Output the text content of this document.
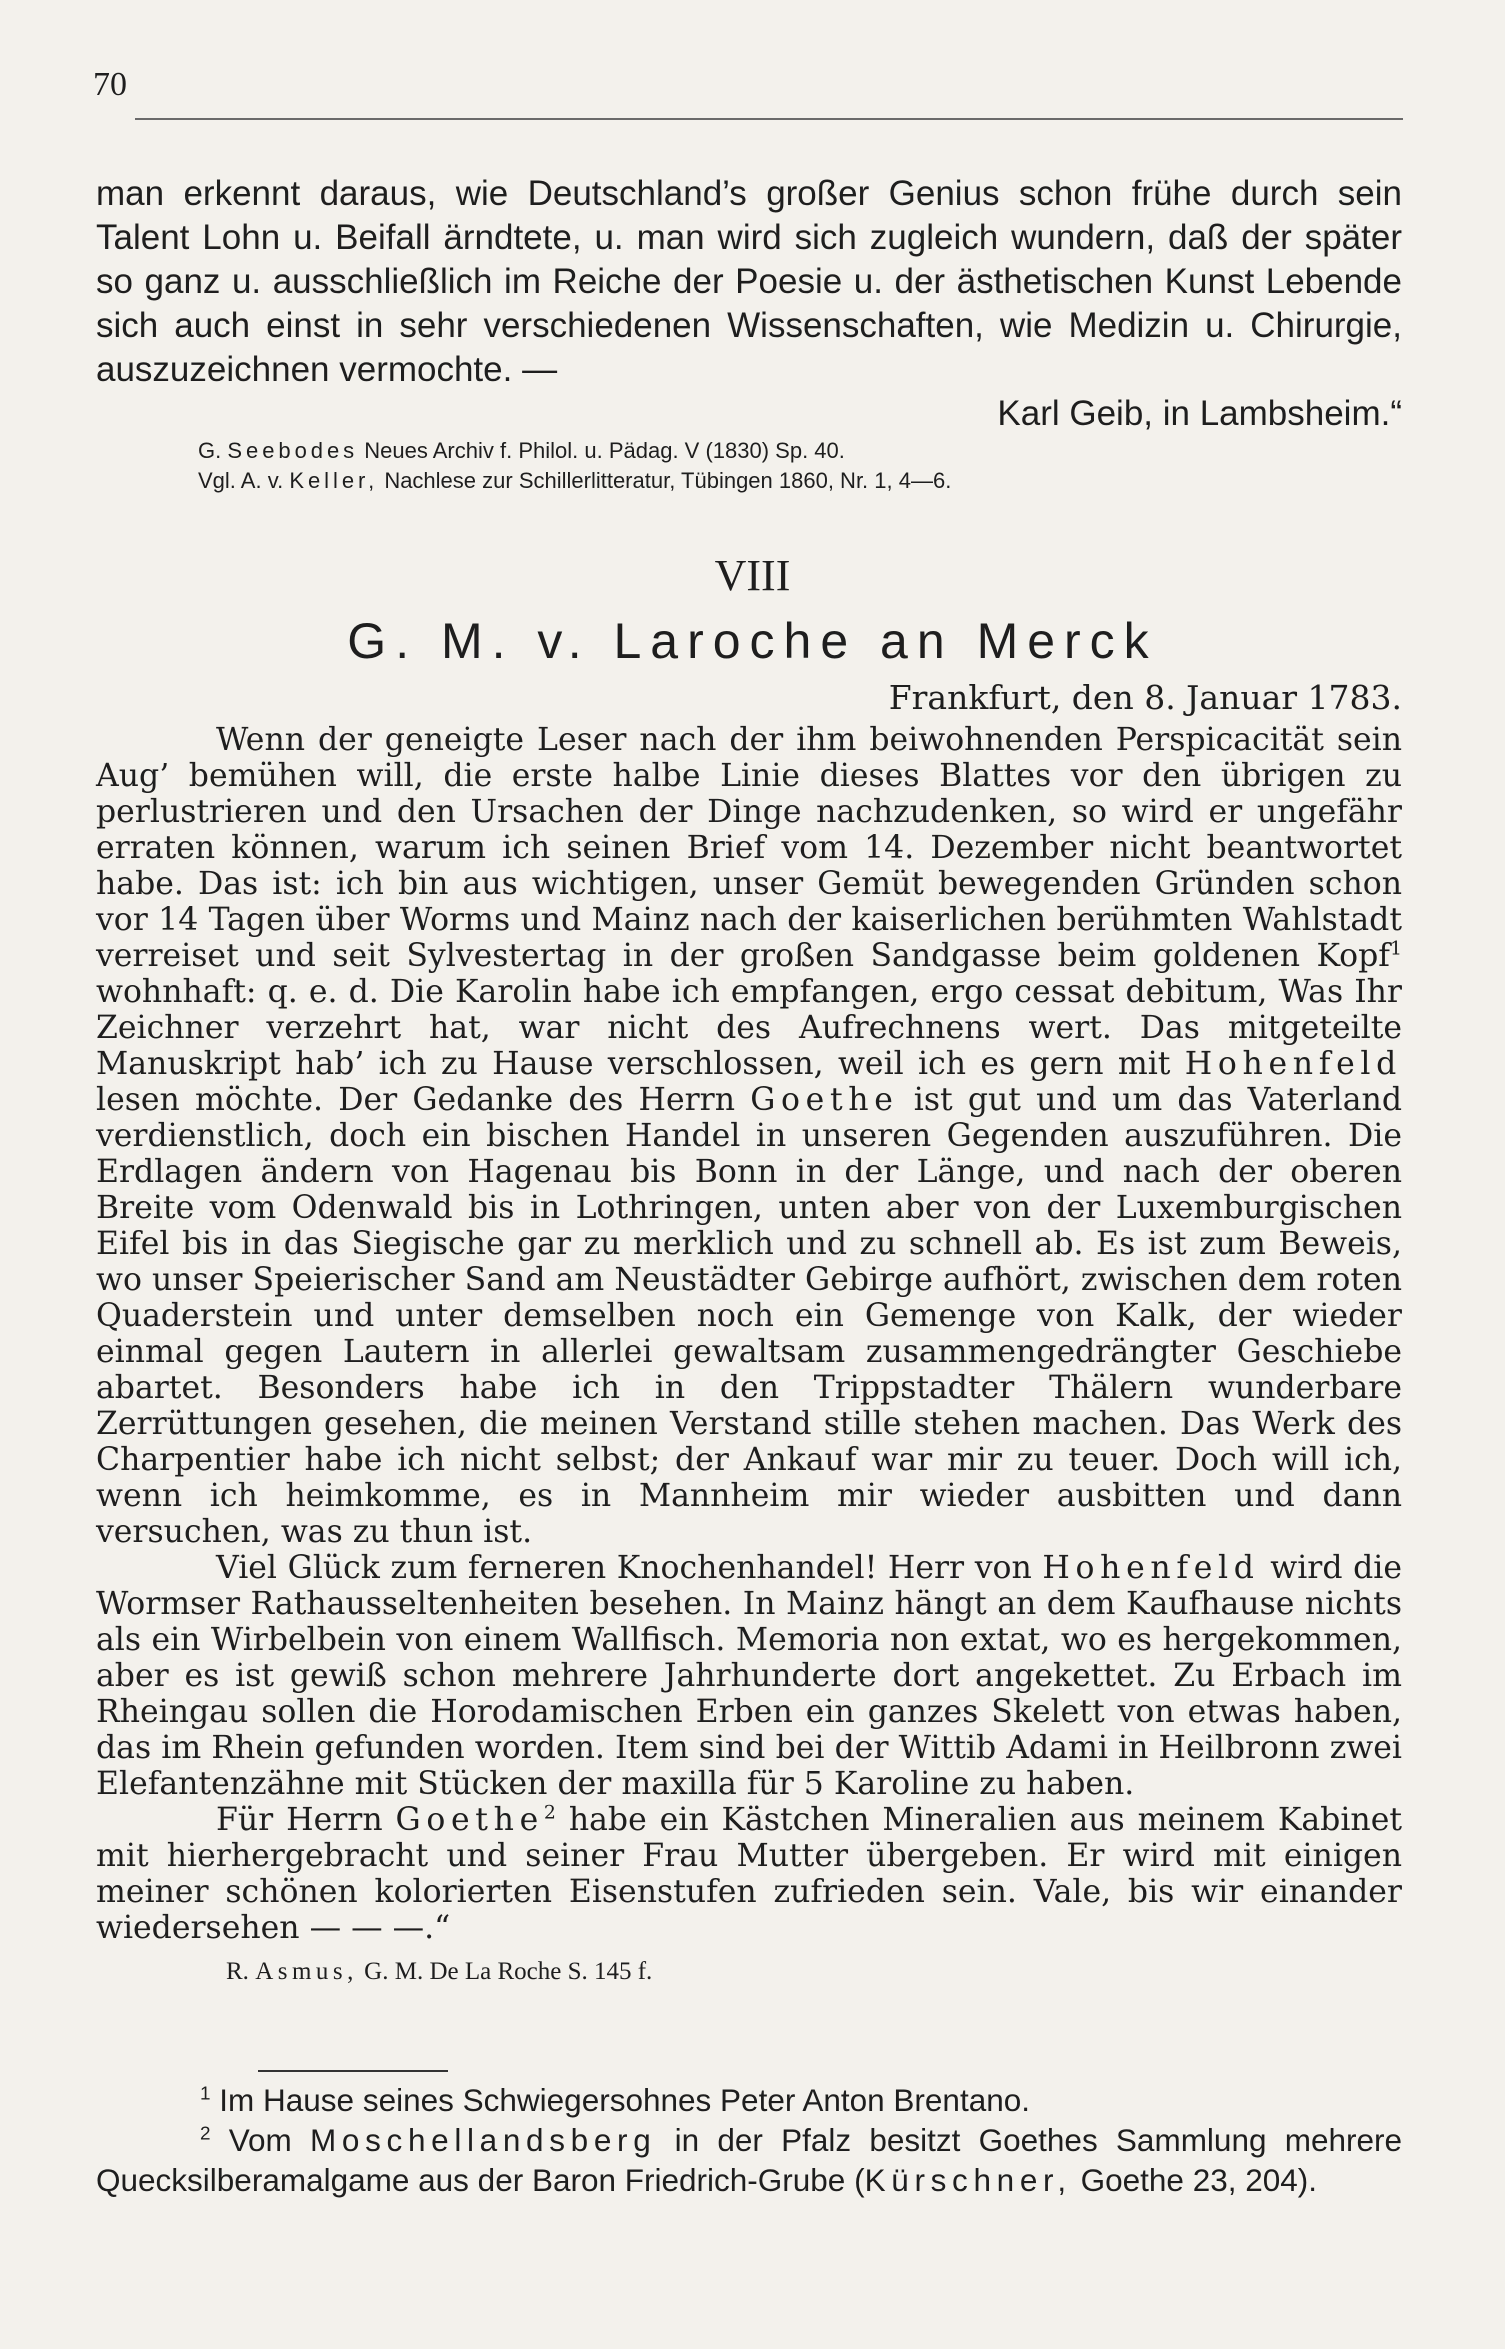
70

man erkennt daraus, wie Deutschland’s großer Genius schon frühe durch sein Talent Lohn u. Beifall ärndtete, u. man wird sich zugleich wundern, daß der später so ganz u. ausschließlich im Reiche der Poesie u. der ästhetischen Kunst Lebende sich auch einst in sehr verschiedenen Wissenschaften, wie Medizin u. Chirurgie, auszuzeichnen vermochte. —

Karl Geib, in Lambsheim.“

G. Seebodes Neues Archiv f. Philol. u. Pädag. V (1830) Sp. 40.

Vgl. A. v. Keller, Nachlese zur Schillerlitteratur, Tübingen 1860, Nr. 1, 4—6.

VIII
G. M. v. Laroche an Merck
Frankfurt, den 8. Januar 1783.

Wenn der geneigte Leser nach der ihm beiwohnenden Perspicacität sein Aug’ bemühen will, die erste halbe Linie dieses Blattes vor den übrigen zu perlustrieren und den Ursachen der Dinge nachzudenken, so wird er ungefähr erraten können, warum ich seinen Brief vom 14. Dezember nicht beantwortet habe. Das ist: ich bin aus wichtigen, unser Gemüt bewegenden Gründen schon vor 14 Tagen über Worms und Mainz nach der kaiserlichen berühmten Wahlstadt verreiset und seit Sylvestertag in der großen Sandgasse beim goldenen Kopf$^1$ wohnhaft: q. e. d. Die Karolin habe ich empfangen, ergo cessat debitum, Was Ihr Zeichner verzehrt hat, war nicht des Aufrechnens wert. Das mitgeteilte Manuskript hab’ ich zu Hause verschlossen, weil ich es gern mit Hohenfeld lesen möchte. Der Gedanke des Herrn Goethe ist gut und um das Vaterland verdienstlich, doch ein bischen Handel in unseren Gegenden auszuführen. Die Erdlagen ändern von Hagenau bis Bonn in der Länge, und nach der oberen Breite vom Odenwald bis in Lothringen, unten aber von der Luxemburgischen Eifel bis in das Siegische gar zu merklich und zu schnell ab. Es ist zum Beweis, wo unser Speierischer Sand am Neustädter Gebirge aufhört, zwischen dem roten Quaderstein und unter demselben noch ein Gemenge von Kalk, der wieder einmal gegen Lautern in allerlei gewaltsam zusammengedrängter Geschiebe abartet. Besonders habe ich in den Trippstadter Thälern wunderbare Zerrüttungen gesehen, die meinen Verstand stille stehen machen. Das Werk des Charpentier habe ich nicht selbst; der Ankauf war mir zu teuer. Doch will ich, wenn ich heimkomme, es in Mannheim mir wieder ausbitten und dann versuchen, was zu thun ist.

Viel Glück zum ferneren Knochenhandel! Herr von Hohenfeld wird die Wormser Rathausseltenheiten besehen. In Mainz hängt an dem Kaufhause nichts als ein Wirbelbein von einem Wallfisch. Memoria non extat, wo es hergekommen, aber es ist gewiß schon mehrere Jahrhunderte dort angekettet. Zu Erbach im Rheingau sollen die Horodamischen Erben ein ganzes Skelett von etwas haben, das im Rhein gefunden worden. Item sind bei der Wittib Adami in Heilbronn zwei Elefantenzähne mit Stücken der maxilla für 5 Karoline zu haben.

Für Herrn Goethe$^2$ habe ein Kästchen Mineralien aus meinem Kabinet mit hierhergebracht und seiner Frau Mutter übergeben. Er wird mit einigen meiner schönen kolorierten Eisenstufen zufrieden sein. Vale, bis wir einander wiedersehen — — —.“

R. Asmus, G. M. De La Roche S. 145 f.

$^1$ Im Hause seines Schwiegersohnes Peter Anton Brentano.

$^2$ Vom Moschellandsberg in der Pfalz besitzt Goethes Sammlung mehrere Quecksilberamalgame aus der Baron Friedrich-Grube (Kürschner, Goethe 23, 204).
